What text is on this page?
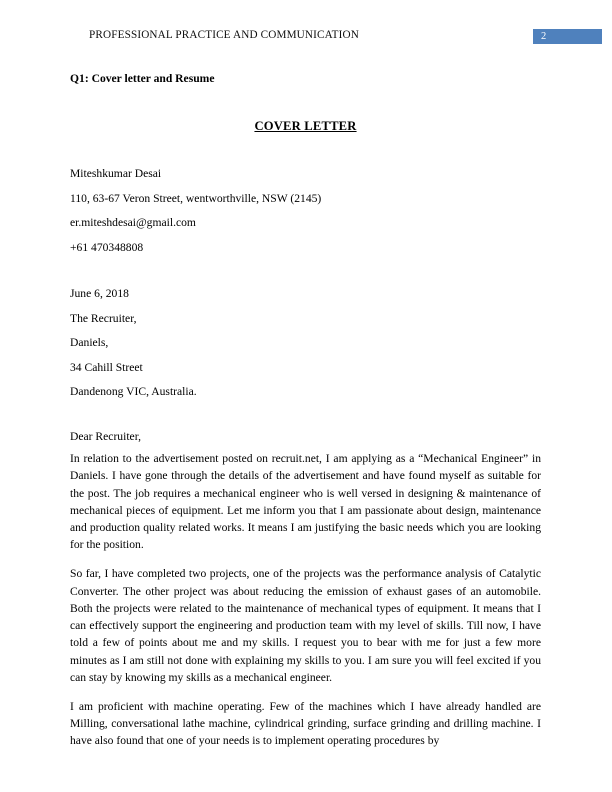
PROFESSIONAL PRACTICE AND COMMUNICATION	2
Q1: Cover letter and Resume
COVER LETTER
Miteshkumar Desai
110, 63-67 Veron Street, wentworthville, NSW (2145)
er.miteshdesai@gmail.com
+61 470348808
June 6, 2018
The Recruiter,
Daniels,
34 Cahill Street
Dandenong VIC, Australia.
Dear Recruiter,

In relation to the advertisement posted on recruit.net, I am applying as a “Mechanical Engineer” in Daniels. I have gone through the details of the advertisement and have found myself as suitable for the post. The job requires a mechanical engineer who is well versed in designing & maintenance of mechanical pieces of equipment. Let me inform you that I am passionate about design, maintenance and production quality related works. It means I am justifying the basic needs which you are looking for the position.

So far, I have completed two projects, one of the projects was the performance analysis of Catalytic Converter. The other project was about reducing the emission of exhaust gases of an automobile. Both the projects were related to the maintenance of mechanical types of equipment. It means that I can effectively support the engineering and production team with my level of skills. Till now, I have told a few of points about me and my skills. I request you to bear with me for just a few more minutes as I am still not done with explaining my skills to you. I am sure you will feel excited if you can stay by knowing my skills as a mechanical engineer.

I am proficient with machine operating. Few of the machines which I have already handled are Milling, conversational lathe machine, cylindrical grinding, surface grinding and drilling machine. I have also found that one of your needs is to implement operating procedures by
